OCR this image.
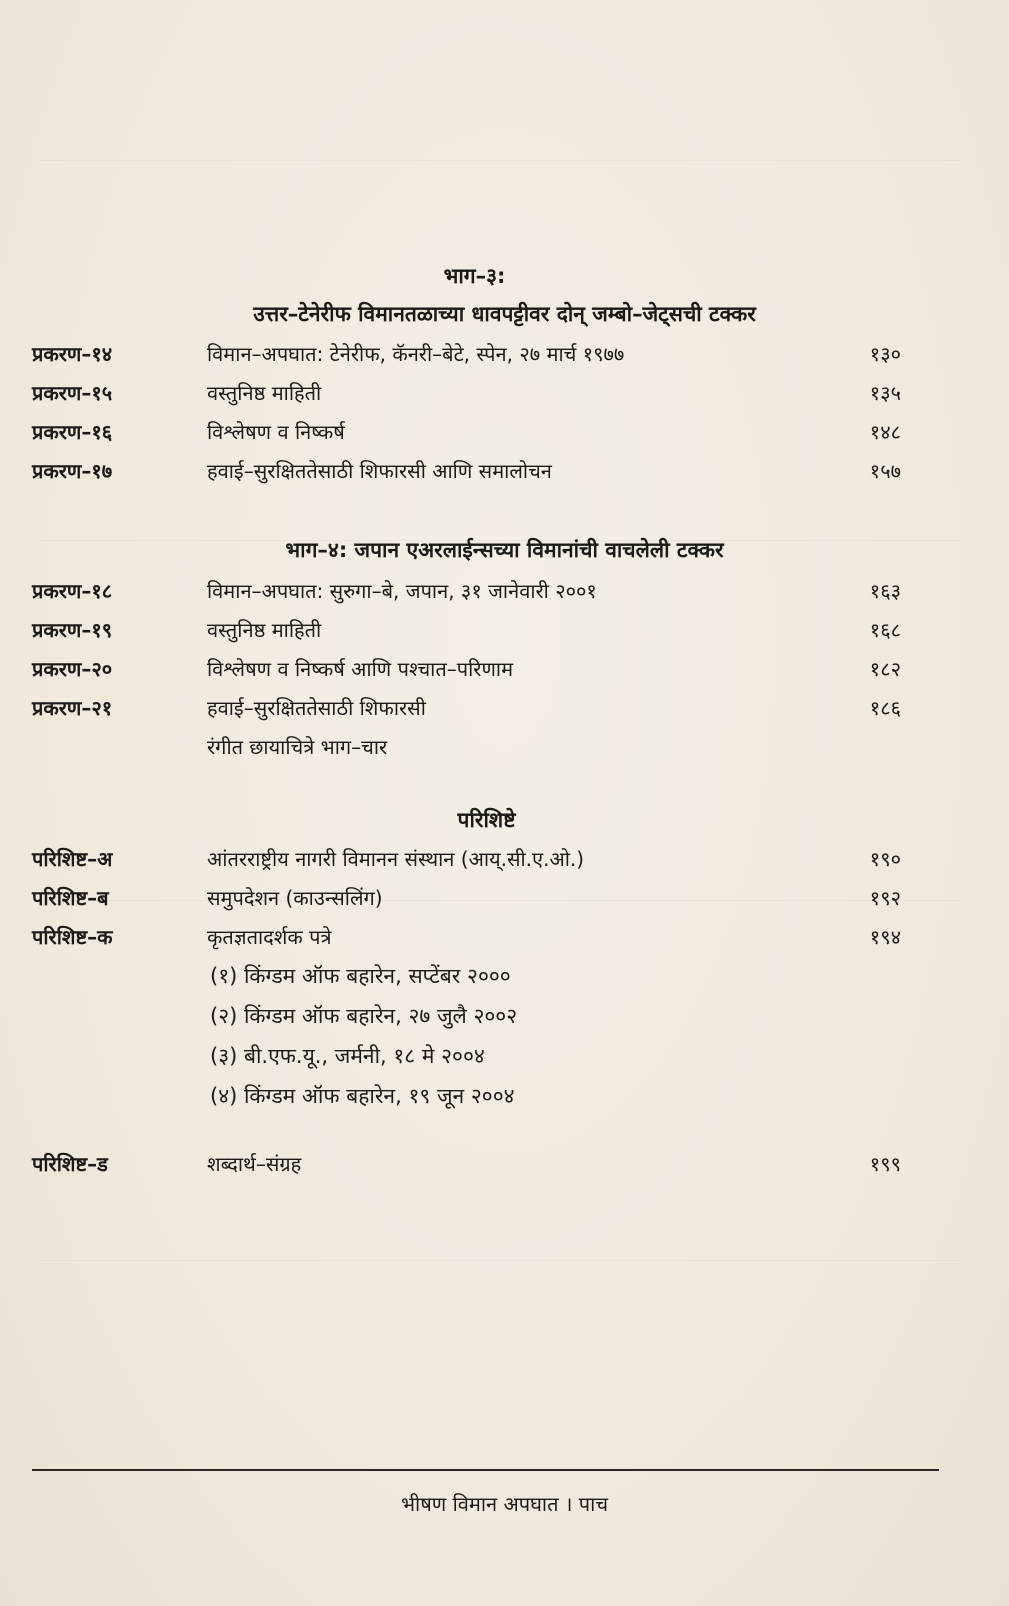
भाग–३:
उत्तर–टेनेरीफ विमानतळाच्या धावपट्टीवर दोन् जम्बो–जेट्सची टक्कर
प्रकरण–१४	विमान–अपघात: टेनेरीफ, कॅनरी–बेटे, स्पेन, २७ मार्च १९७७	१३०
प्रकरण–१५	वस्तुनिष्ठ माहिती	१३५
प्रकरण–१६	विश्लेषण व निष्कर्ष	१४८
प्रकरण–१७	हवाई–सुरक्षिततेसाठी शिफारसी आणि समालोचन	१५७
भाग–४: जपान एअरलाईन्सच्या विमानांची वाचलेली टक्कर
प्रकरण–१८	विमान–अपघात: सुरुगा–बे, जपान, ३१ जानेवारी २००१	१६३
प्रकरण–१९	वस्तुनिष्ठ माहिती	१६८
प्रकरण–२०	विश्लेषण व निष्कर्ष आणि पश्चात–परिणाम	१८२
प्रकरण–२१	हवाई–सुरक्षिततेसाठी शिफारसी	१८६
रंगीत छायाचित्रे भाग–चार
परिशिष्टे
परिशिष्ट–अ	आंतरराष्ट्रीय नागरी विमानन संस्थान (आय्.सी.ए.ओ.)	१९०
परिशिष्ट–ब	समुपदेशन (काउन्सलिंग)	१९२
परिशिष्ट–क	कृतज्ञतादर्शक पत्रे	१९४
(१) किंग्डम ऑफ बहारेन, सप्टेंबर २०००
(२) किंग्डम ऑफ बहारेन, २७ जुलै २००२
(३) बी.एफ.यू., जर्मनी, १८ मे २००४
(४) किंग्डम ऑफ बहारेन, १९ जून २००४
परिशिष्ट–ड	शब्दार्थ–संग्रह	१९९
भीषण विमान अपघात । पाच
